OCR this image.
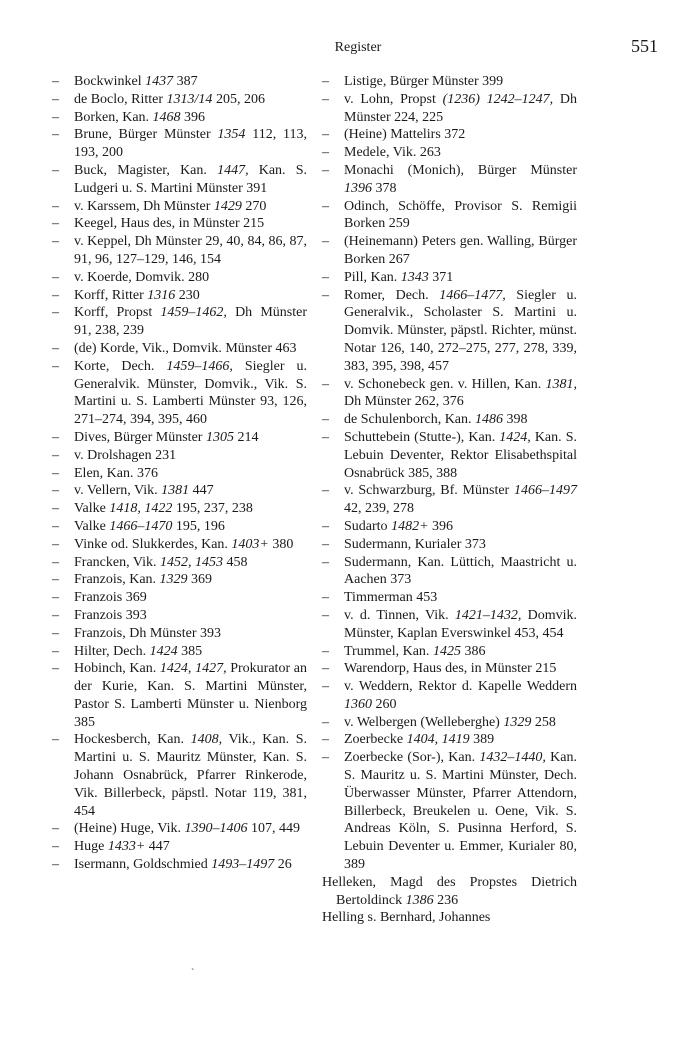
Register	551
– Bockwinkel 1437 387
– de Boclo, Ritter 1313/14 205, 206
– Borken, Kan. 1468 396
– Brune, Bürger Münster 1354 112, 113, 193, 200
– Buck, Magister, Kan. 1447, Kan. S. Ludgeri u. S. Martini Münster 391
– v. Karssem, Dh Münster 1429 270
– Keegel, Haus des, in Münster 215
– v. Keppel, Dh Münster 29, 40, 84, 86, 87, 91, 96, 127–129, 146, 154
– v. Koerde, Domvik. 280
– Korff, Ritter 1316 230
– Korff, Propst 1459–1462, Dh Münster 91, 238, 239
– (de) Korde, Vik., Domvik. Münster 463
– Korte, Dech. 1459–1466, Siegler u. Generalvik. Münster, Domvik., Vik. S. Martini u. S. Lamberti Münster 93, 126, 271–274, 394, 395, 460
– Dives, Bürger Münster 1305 214
– v. Drolshagen 231
– Elen, Kan. 376
– v. Vellern, Vik. 1381 447
– Valke 1418, 1422 195, 237, 238
– Valke 1466–1470 195, 196
– Vinke od. Slukkerdes, Kan. 1403+ 380
– Francken, Vik. 1452, 1453 458
– Franzois, Kan. 1329 369
– Franzois 369
– Franzois 393
– Franzois, Dh Münster 393
– Hilter, Dech. 1424 385
– Hobinch, Kan. 1424, 1427, Prokurator an der Kurie, Kan. S. Martini Münster, Pastor S. Lamberti Münster u. Nienborg 385
– Hockesberch, Kan. 1408, Vik., Kan. S. Martini u. S. Mauritz Münster, Kan. S. Johann Osnabrück, Pfarrer Rinkerode, Vik. Billerbeck, päpstl. Notar 119, 381, 454
– (Heine) Huge, Vik. 1390–1406 107, 449
– Huge 1433+ 447
– Isermann, Goldschmied 1493–1497 26
– Listige, Bürger Münster 399
– v. Lohn, Propst (1236) 1242–1247, Dh Münster 224, 225
– (Heine) Mattelirs 372
– Medele, Vik. 263
– Monachi (Monich), Bürger Münster 1396 378
– Odinch, Schöffe, Provisor S. Remigii Borken 259
– (Heinemann) Peters gen. Walling, Bürger Borken 267
– Pill, Kan. 1343 371
– Romer, Dech. 1466–1477, Siegler u. Generalvik., Scholaster S. Martini u. Domvik. Münster, päpstl. Richter, münst. Notar 126, 140, 272–275, 277, 278, 339, 383, 395, 398, 457
– v. Schonebeck gen. v. Hillen, Kan. 1381, Dh Münster 262, 376
– de Schulenborch, Kan. 1486 398
– Schuttebein (Stutte-), Kan. 1424, Kan. S. Lebuin Deventer, Rektor Elisabethspital Osnabrück 385, 388
– v. Schwarzburg, Bf. Münster 1466–1497 42, 239, 278
– Sudarto 1482+ 396
– Sudermann, Kurialer 373
– Sudermann, Kan. Lüttich, Maastricht u. Aachen 373
– Timmerman 453
– v. d. Tinnen, Vik. 1421–1432, Domvik. Münster, Kaplan Everswinkel 453, 454
– Trummel, Kan. 1425 386
– Warendorp, Haus des, in Münster 215
– v. Weddern, Rektor d. Kapelle Weddern 1360 260
– v. Welbergen (Welleberghe) 1329 258
– Zoerbecke 1404, 1419 389
– Zoerbecke (Sor-), Kan. 1432–1440, Kan. S. Mauritz u. S. Martini Münster, Dech. Überwasser Münster, Pfarrer Attendorn, Billerbeck, Breukelen u. Oene, Vik. S. Andreas Köln, S. Pusinna Herford, S. Lebuin Deventer u. Emmer, Kurialer 80, 389
Helleken, Magd des Propstes Dietrich Bertoldinck 1386 236
Helling s. Bernhard, Johannes
`
